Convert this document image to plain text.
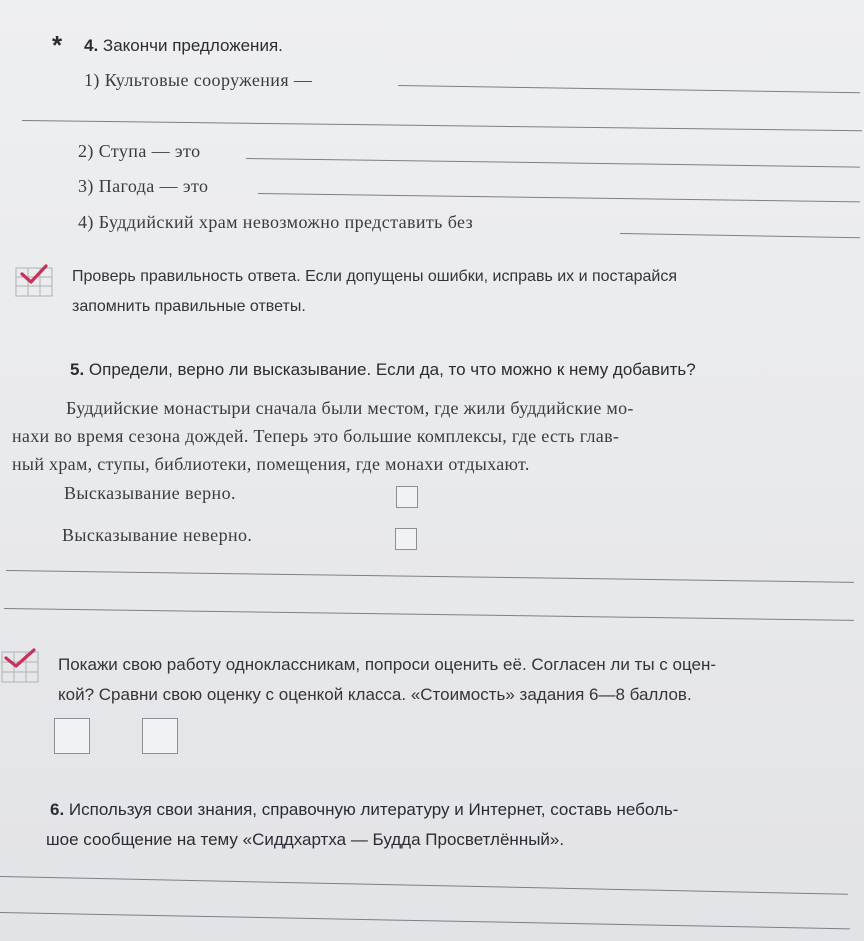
* 4. Закончи предложения.
1) Культовые сооружения —
2) Ступа — это
3) Пагода — это
4) Буддийский храм невозможно представить без
Проверь правильность ответа. Если допущены ошибки, исправь их и постарайся
запомнить правильные ответы.
5. Определи, верно ли высказывание. Если да, то что можно к нему добавить?
Буддийские монастыри сначала были местом, где жили буддийские мо-
нахи во время сезона дождей. Теперь это большие комплексы, где есть глав-
ный храм, ступы, библиотеки, помещения, где монахи отдыхают.
Высказывание верно.
Высказывание неверно.
Покажи свою работу одноклассникам, попроси оценить её. Согласен ли ты с оцен-
кой? Сравни свою оценку с оценкой класса. «Стоимость» задания 6—8 баллов.
6. Используя свои знания, справочную литературу и Интернет, составь неболь-
шое сообщение на тему «Сиддхартха — Будда Просветлённый».
